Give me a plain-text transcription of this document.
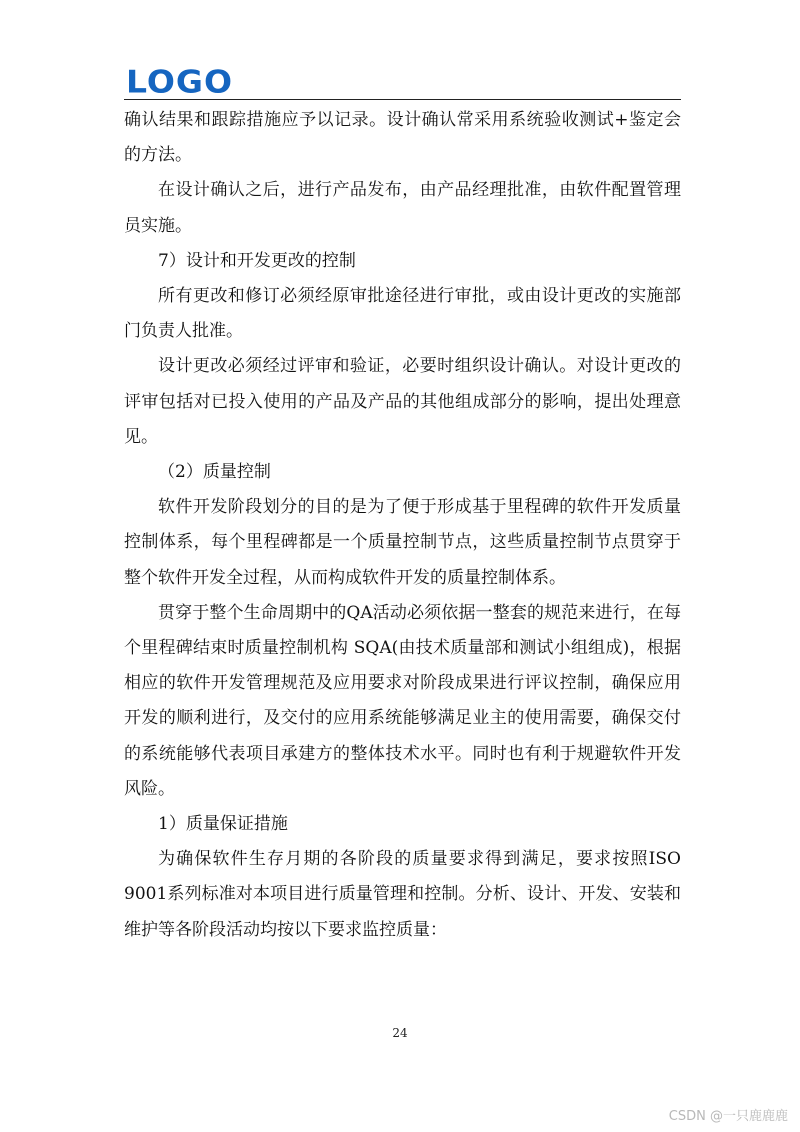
LOGO

确认结果和跟踪措施应予以记录。设计确认常采用系统验收测试+鉴定会的方法。

在设计确认之后，进行产品发布，由产品经理批准，由软件配置管理员实施。

7）设计和开发更改的控制

所有更改和修订必须经原审批途径进行审批，或由设计更改的实施部门负责人批准。

设计更改必须经过评审和验证，必要时组织设计确认。对设计更改的评审包括对已投入使用的产品及产品的其他组成部分的影响，提出处理意见。

（2）质量控制

软件开发阶段划分的目的是为了便于形成基于里程碑的软件开发质量控制体系，每个里程碑都是一个质量控制节点，这些质量控制节点贯穿于整个软件开发全过程，从而构成软件开发的质量控制体系。

贯穿于整个生命周期中的QA活动必须依据一整套的规范来进行，在每个里程碑结束时质量控制机构 SQA(由技术质量部和测试小组组成)，根据相应的软件开发管理规范及应用要求对阶段成果进行评议控制，确保应用开发的顺利进行，及交付的应用系统能够满足业主的使用需要，确保交付的系统能够代表项目承建方的整体技术水平。同时也有利于规避软件开发风险。

1）质量保证措施

为确保软件生存月期的各阶段的质量要求得到满足，要求按照ISO 9001系列标准对本项目进行质量管理和控制。分析、设计、开发、安装和维护等各阶段活动均按以下要求监控质量：

24
CSDN @一只鹿鹿鹿
